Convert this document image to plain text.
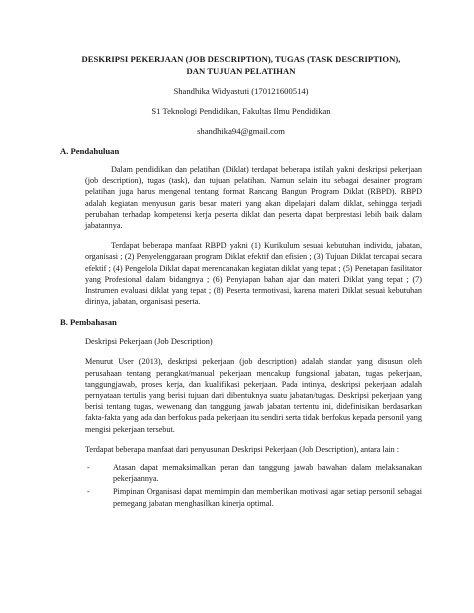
DESKRIPSI PEKERJAAN (JOB DESCRIPTION), TUGAS (TASK DESCRIPTION),
DAN TUJUAN PELATIHAN
Shandhika Widyastuti (170121600514)
S1 Teknologi Pendidikan, Fakultas Ilmu Pendidikan
shandhika94@gmail.com
A. Pendahuluan
Dalam pendidikan dan pelatihan (Diklat) terdapat beberapa istilah yakni deskripsi pekerjaan (job description), tugas (task), dan tujuan pelatihan. Namun selain itu sebagai desainer program pelatihan juga harus mengenal tentang format Rancang Bangun Program Diklat (RBPD). RBPD adalah kegiatan menyusun garis besar materi yang akan dipelajari dalam diklat, sehingga terjadi perubahan terhadap kompetensi kerja peserta diklat dan peserta dapat berprestasi lebih baik dalam jabatannya.
Terdapat beberapa manfaat RBPD yakni (1) Kurikulum sesuai kebutuhan individu, jabatan, organisasi ; (2) Penyelenggaraan program Diklat efektif dan efisien ; (3) Tujuan Diklat tercapai secara efektif ; (4) Pengelola Diklat dapat merencanakan kegiatan diklat yang tepat ; (5) Penetapan fasilitator yang Profesional dalam bidangnya ; (6) Penyiapan bahan ajar dan materi Diklat yang tepat ; (7) Instrumen evaluasi diklat yang tepat ; (8) Peserta termotivasi, karena materi Diklat sesuai kebutuhan dirinya, jabatan, organisasi peserta.
B. Pembahasan
Deskripsi Pekerjaan (Job Description)
Menurut User (2013), deskripsi pekerjaan (job description) adalah standar yang disusun oleh perusahaan tentang perangkat/manual pekerjaan mencakup fungsional jabatan, tugas pekerjaan, tanggungjawab, proses kerja, dan kualifikasi pekerjaan. Pada intinya, deskripsi pekerjaan adalah pernyataan tertulis yang berisi tujuan dari dibentuknya suatu jabatan/tugas. Deskripsi pekerjaan yang berisi tentang tugas, wewenang dan tanggung jawab jabatan tertentu ini, didefinisikan berdasarkan fakta-fakta yang ada dan berfokus pada pekerjaan itu sendiri serta tidak berfokus kepada personil yang mengisi pekerjaan tersebut.
Terdapat beberapa manfaat dari penyusunan Deskripsi Pekerjaan (Job Description), antara lain :
-	Atasan dapat memaksimalkan peran dan tanggung jawab bawahan dalam melaksanakan pekerjaannya.
-	Pimpinan Organisasi dapat memimpin dan memberikan motivasi agar setiap personil sebagai pemegang jabatan menghasilkan kinerja optimal.
